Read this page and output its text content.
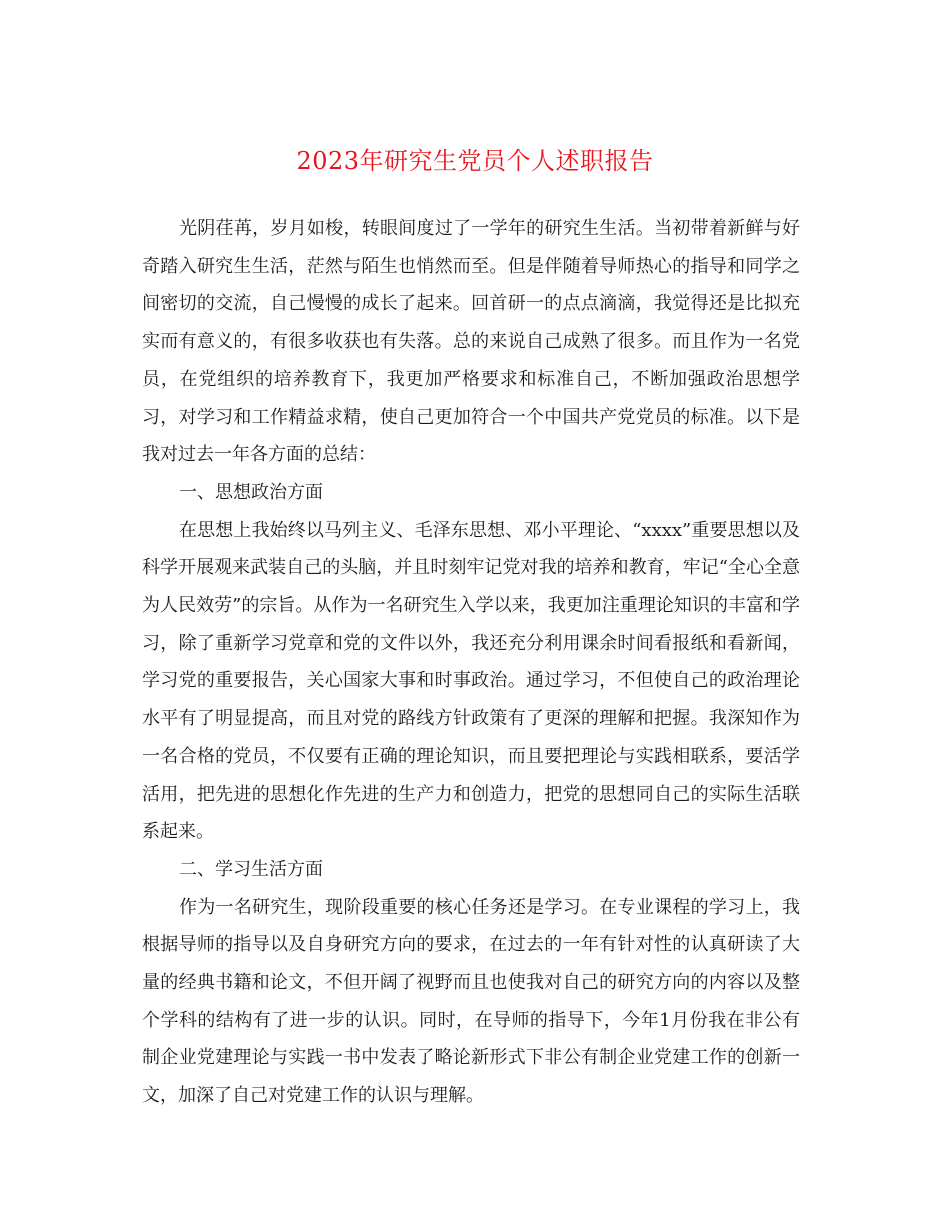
2023年研究生党员个人述职报告

光阴荏苒，岁月如梭，转眼间度过了一学年的研究生生活。当初带着新鲜与好奇踏入研究生生活，茫然与陌生也悄然而至。但是伴随着导师热心的指导和同学之间密切的交流，自己慢慢的成长了起来。回首研一的点点滴滴，我觉得还是比拟充实而有意义的，有很多收获也有失落。总的来说自己成熟了很多。而且作为一名党员，在党组织的培养教育下，我更加严格要求和标准自己，不断加强政治思想学习，对学习和工作精益求精，使自己更加符合一个中国共产党党员的标准。以下是我对过去一年各方面的总结：

一、思想政治方面

在思想上我始终以马列主义、毛泽东思想、邓小平理论、“xxxx”重要思想以及科学开展观来武装自己的头脑，并且时刻牢记党对我的培养和教育，牢记“全心全意为人民效劳”的宗旨。从作为一名研究生入学以来，我更加注重理论知识的丰富和学习，除了重新学习党章和党的文件以外，我还充分利用课余时间看报纸和看新闻，学习党的重要报告，关心国家大事和时事政治。通过学习，不但使自己的政治理论水平有了明显提高，而且对党的路线方针政策有了更深的理解和把握。我深知作为一名合格的党员，不仅要有正确的理论知识，而且要把理论与实践相联系，要活学活用，把先进的思想化作先进的生产力和创造力，把党的思想同自己的实际生活联系起来。

二、学习生活方面

作为一名研究生，现阶段重要的核心任务还是学习。在专业课程的学习上，我根据导师的指导以及自身研究方向的要求，在过去的一年有针对性的认真研读了大量的经典书籍和论文，不但开阔了视野而且也使我对自己的研究方向的内容以及整个学科的结构有了进一步的认识。同时，在导师的指导下，今年1月份我在非公有制企业党建理论与实践一书中发表了略论新形式下非公有制企业党建工作的创新一文，加深了自己对党建工作的认识与理解。
